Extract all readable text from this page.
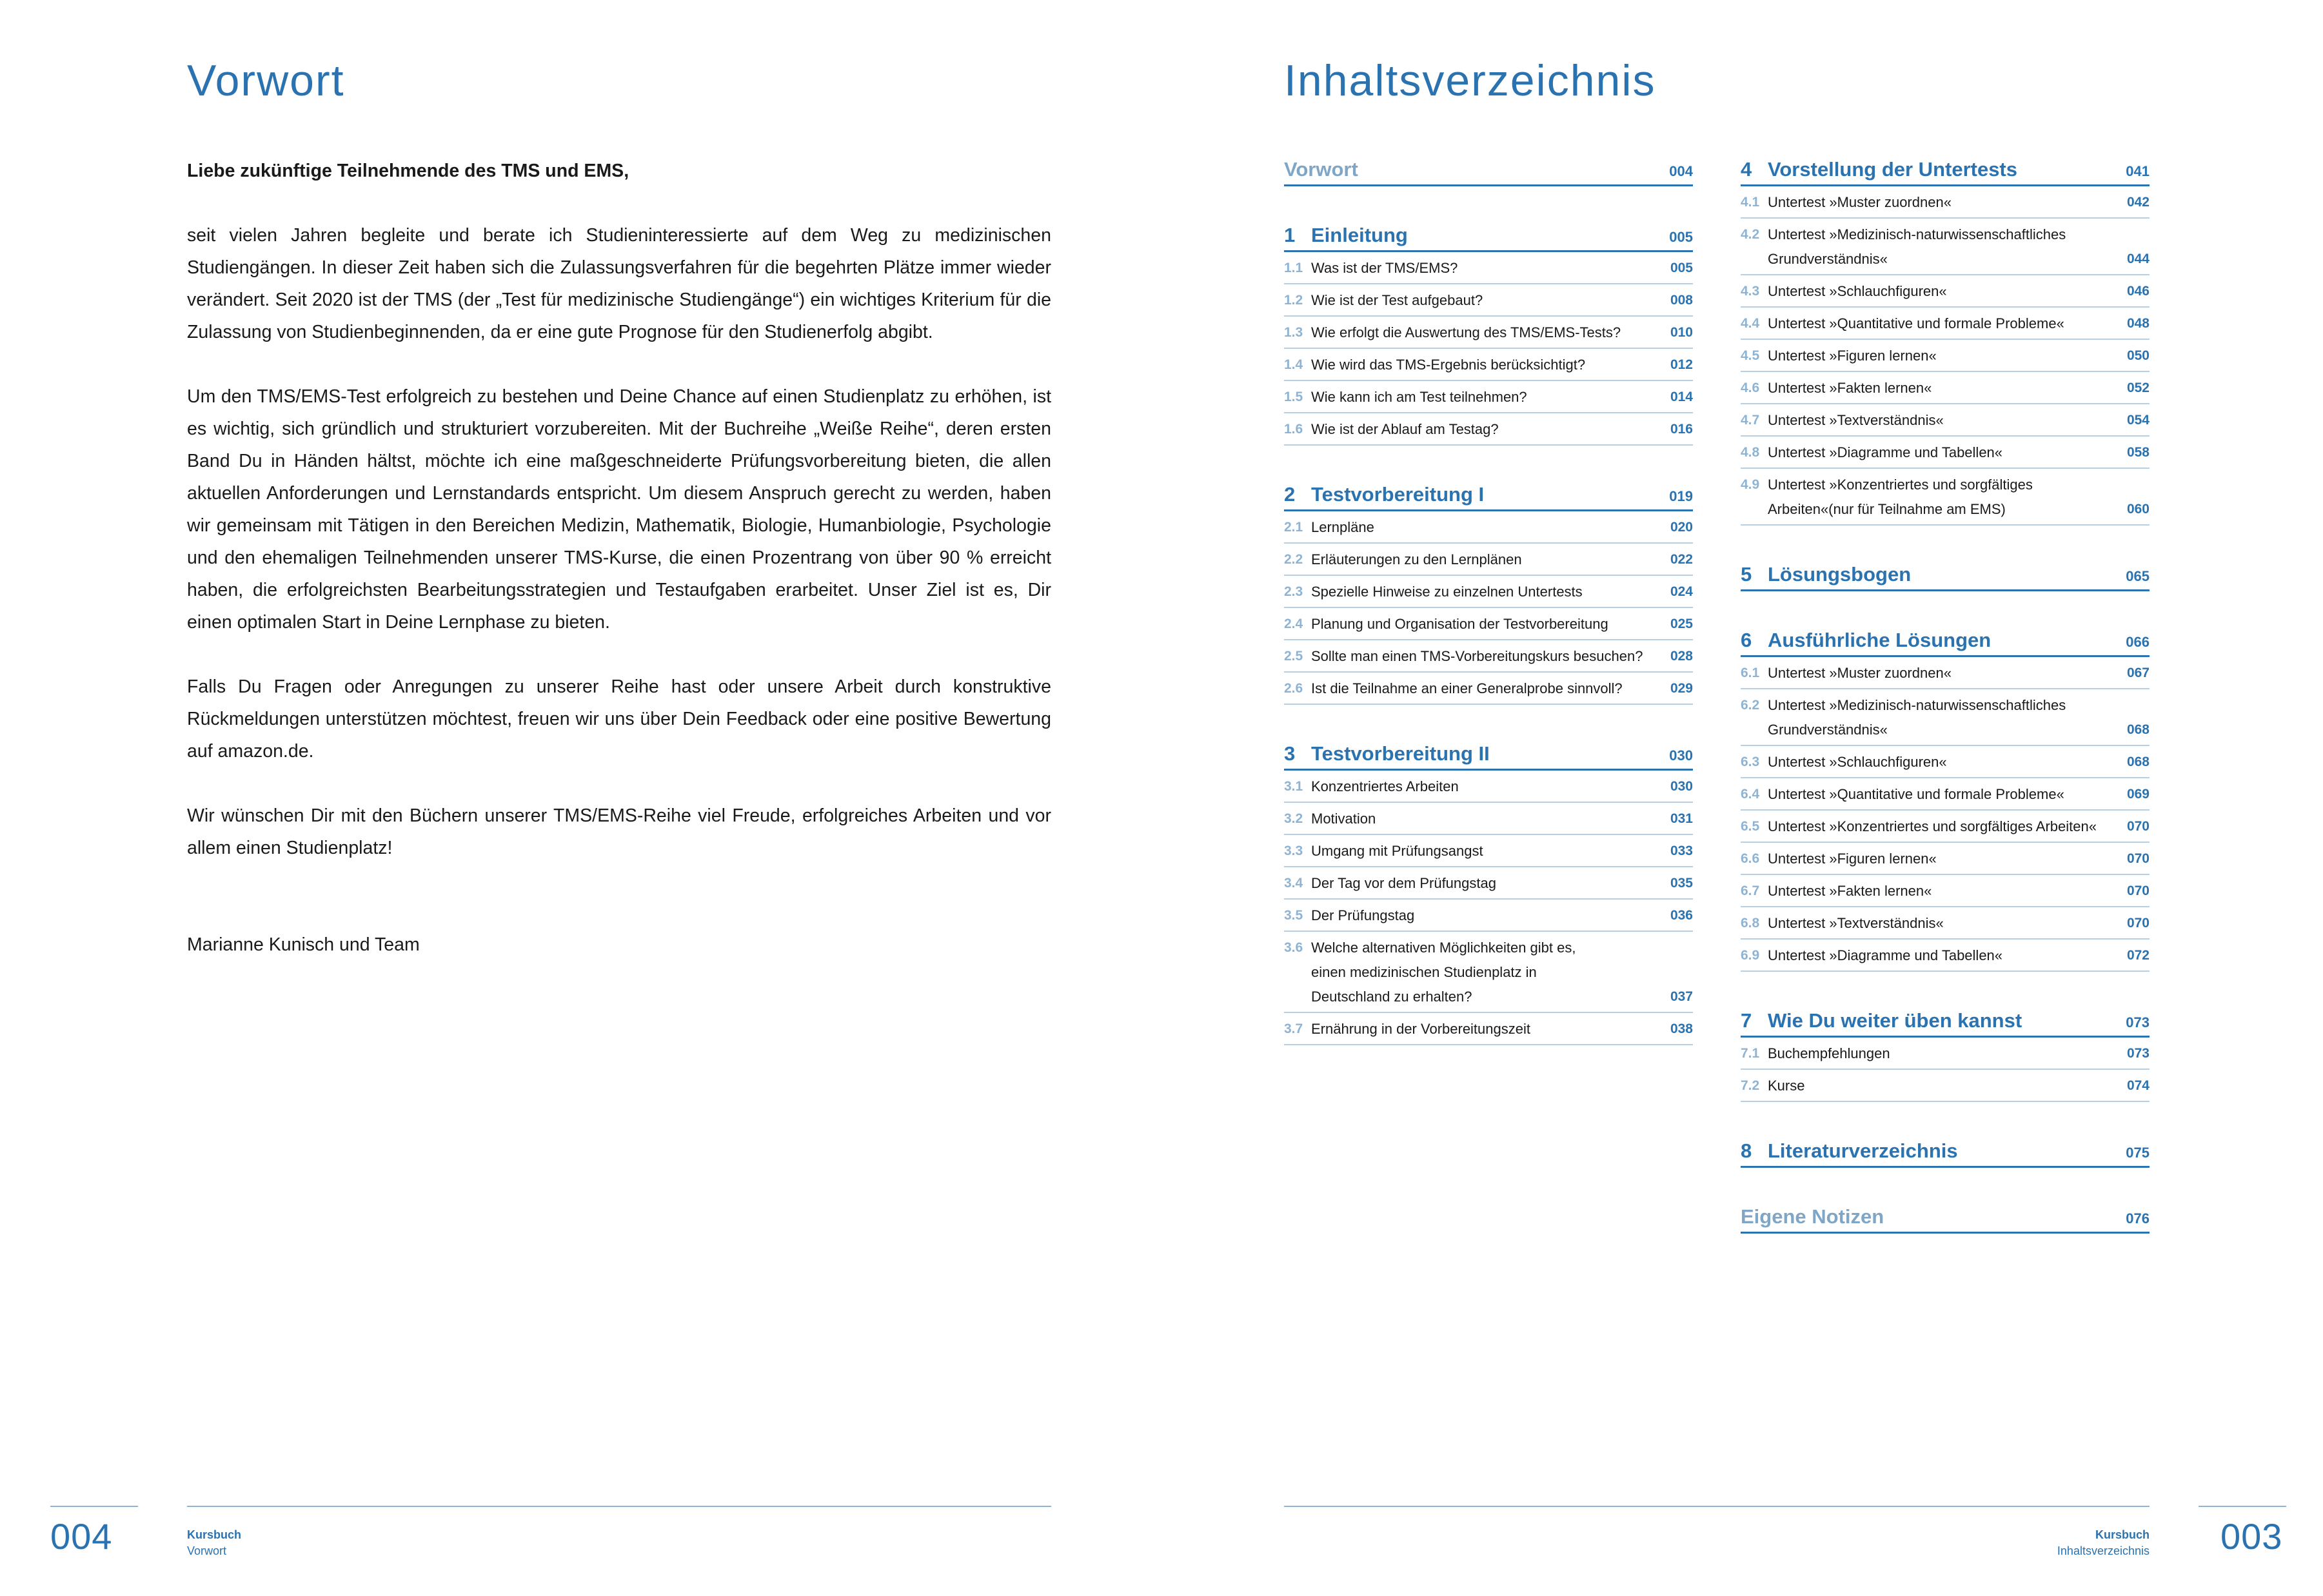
Vorwort

Liebe zukünftige Teilnehmende des TMS und EMS,

seit vielen Jahren begleite und berate ich Studieninteressierte auf dem Weg zu medizinischen Studiengängen. In dieser Zeit haben sich die Zulassungsverfahren für die begehrten Plätze immer wieder verändert. Seit 2020 ist der TMS (der „Test für medizinische Studiengänge“) ein wichtiges Kriterium für die Zulassung von Studienbeginnenden, da er eine gute Prognose für den Studienerfolg abgibt.

Um den TMS/EMS-Test erfolgreich zu bestehen und Deine Chance auf einen Studienplatz zu erhöhen, ist es wichtig, sich gründlich und strukturiert vorzubereiten. Mit der Buchreihe „Weiße Reihe“, deren ersten Band Du in Händen hältst, möchte ich eine maßgeschneiderte Prüfungsvorbereitung bieten, die allen aktuellen Anforderungen und Lernstandards entspricht. Um diesem Anspruch gerecht zu werden, haben wir gemeinsam mit Tätigen in den Bereichen Medizin, Mathematik, Biologie, Humanbiologie, Psychologie und den ehemaligen Teilnehmenden unserer TMS-Kurse, die einen Prozentrang von über 90 % erreicht haben, die erfolgreichsten Bearbeitungsstrategien und Testaufgaben erarbeitet. Unser Ziel ist es, Dir einen optimalen Start in Deine Lernphase zu bieten.

Falls Du Fragen oder Anregungen zu unserer Reihe hast oder unsere Arbeit durch konstruktive Rückmeldungen unterstützen möchtest, freuen wir uns über Dein Feedback oder eine positive Bewertung auf amazon.de.

Wir wünschen Dir mit den Büchern unserer TMS/EMS-Reihe viel Freude, erfolgreiches Arbeiten und vor allem einen Studienplatz!

Marianne Kunisch und Team

004	Kursbuch
Vorwort
Inhaltsverzeichnis
Vorwort	004
1 Einleitung	005
1.1 Was ist der TMS/EMS?	005
1.2 Wie ist der Test aufgebaut?	008
1.3 Wie erfolgt die Auswertung des TMS/EMS-Tests?	010
1.4 Wie wird das TMS-Ergebnis berücksichtigt?	012
1.5 Wie kann ich am Test teilnehmen?	014
1.6 Wie ist der Ablauf am Testag?	016
2 Testvorbereitung I	019
2.1 Lernpläne	020
2.2 Erläuterungen zu den Lernplänen	022
2.3 Spezielle Hinweise zu einzelnen Untertests	024
2.4 Planung und Organisation der Testvorbereitung	025
2.5 Sollte man einen TMS-Vorbereitungskurs besuchen?	028
2.6 Ist die Teilnahme an einer Generalprobe sinnvoll?	029
3 Testvorbereitung II	030
3.1 Konzentriertes Arbeiten	030
3.2 Motivation	031
3.3 Umgang mit Prüfungsangst	033
3.4 Der Tag vor dem Prüfungstag	035
3.5 Der Prüfungstag	036
3.6 Welche alternativen Möglichkeiten gibt es, einen medizinischen Studienplatz in Deutschland zu erhalten?	037
3.7 Ernährung in der Vorbereitungszeit	038
4 Vorstellung der Untertests	041
4.1 Untertest »Muster zuordnen«	042
4.2 Untertest »Medizinisch-naturwissenschaftliches Grundverständnis«	044
4.3 Untertest »Schlauchfiguren«	046
4.4 Untertest »Quantitative und formale Probleme«	048
4.5 Untertest »Figuren lernen«	050
4.6 Untertest »Fakten lernen«	052
4.7 Untertest »Textverständnis«	054
4.8 Untertest »Diagramme und Tabellen«	058
4.9 Untertest »Konzentriertes und sorgfältiges Arbeiten«(nur für Teilnahme am EMS)	060
5 Lösungsbogen	065
6 Ausführliche Lösungen	066
6.1 Untertest »Muster zuordnen«	067
6.2 Untertest »Medizinisch-naturwissenschaftliches Grundverständnis«	068
6.3 Untertest »Schlauchfiguren«	068
6.4 Untertest »Quantitative und formale Probleme«	069
6.5 Untertest »Konzentriertes und sorgfältiges Arbeiten«	070
6.6 Untertest »Figuren lernen«	070
6.7 Untertest »Fakten lernen«	070
6.8 Untertest »Textverständnis«	070
6.9 Untertest »Diagramme und Tabellen«	072
7 Wie Du weiter üben kannst	073
7.1 Buchempfehlungen	073
7.2 Kurse	074
8 Literaturverzeichnis	075
Eigene Notizen	076
003
Kursbuch
Inhaltsverzeichnis
